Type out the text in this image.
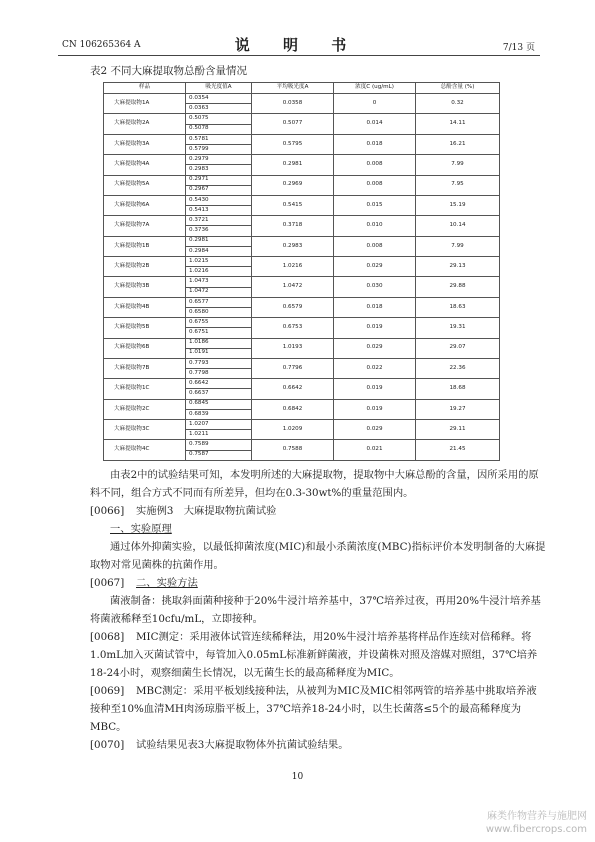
CN 106265364 A	说 明 书	7/13 页
表2 不同大麻提取物总酚含量情况
样品	吸光度值A	平均吸光度A	浓度C (ug/mL)	总酚含量 (%)
大麻提取物1A	0.0354	0.0358	0	0.32
	0.0363			
大麻提取物2A	0.5075	0.5077	0.014	14.11
	0.5078			
大麻提取物3A	0.5781	0.5795	0.018	16.21
	0.5799			
大麻提取物4A	0.2979	0.2981	0.008	7.99
	0.2983			
大麻提取物5A	0.2971	0.2969	0.008	7.95
	0.2967			
大麻提取物6A	0.5430	0.5415	0.015	15.19
	0.5413			
大麻提取物7A	0.3721	0.3718	0.010	10.14
	0.3736			
大麻提取物1B	0.2981	0.2983	0.008	7.99
	0.2984			
大麻提取物2B	1.0215	1.0216	0.029	29.13
	1.0216			
大麻提取物3B	1.0473	1.0472	0.030	29.88
	1.0472			
大麻提取物4B	0.6577	0.6579	0.018	18.63
	0.6580			
大麻提取物5B	0.6755	0.6753	0.019	19.31
	0.6751			
大麻提取物6B	1.0186	1.0193	0.029	29.07
	1.0191			
大麻提取物7B	0.7793	0.7796	0.022	22.36
	0.7798			
大麻提取物1C	0.6642	0.6642	0.019	18.68
	0.6637			
大麻提取物2C	0.6845	0.6842	0.019	19.27
	0.6839			
大麻提取物3C	1.0207	1.0209	0.029	29.11
	1.0211			
大麻提取物4C	0.7589	0.7588	0.021	21.45
	0.7587			

由表2中的试验结果可知，本发明所述的大麻提取物，提取物中大麻总酚的含量，因所采用的原料不同，组合方式不同而有所差异，但均在0.3-30wt%的重量范围内。

[0066] 实施例3　大麻提取物抗菌试验

一、实验原理

通过体外抑菌实验，以最低抑菌浓度(MIC)和最小杀菌浓度(MBC)指标评价本发明制备的大麻提取物对常见菌株的抗菌作用。

[0067] 二、实验方法

菌液制备：挑取斜面菌种接种于20%牛浸汁培养基中，37℃培养过夜，再用20%牛浸汁培养基将菌液稀释至10cfu/mL，立即接种。

[0068] MIC测定：采用液体试管连续稀释法，用20%牛浸汁培养基将样品作连续对倍稀释。将1.0mL加入灭菌试管中，每管加入0.05mL标准新鲜菌液，并设菌株对照及溶媒对照组，37℃培养18-24小时，观察细菌生长情况，以无菌生长的最高稀释度为MIC。

[0069] MBC测定：采用平板划线接种法，从被判为MIC及MIC相邻两管的培养基中挑取培养液接种至10%血清MH肉汤琼脂平板上，37℃培养18-24小时，以生长菌落≤5个的最高稀释度为MBC。

[0070] 试验结果见表3大麻提取物体外抗菌试验结果。

10
麻类作物营养与施肥网
www.fibercrops.com
